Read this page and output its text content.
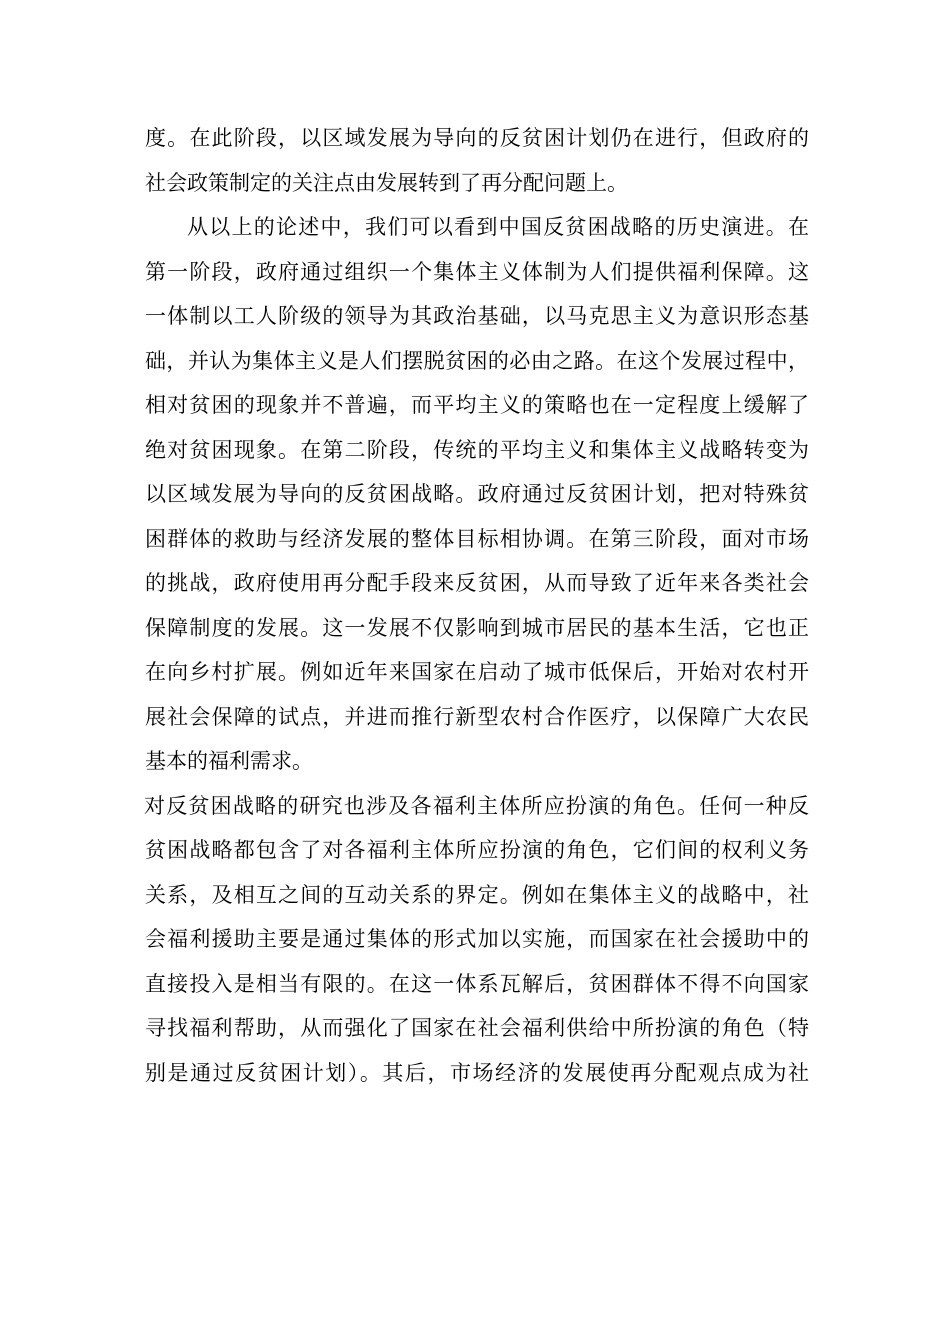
度。在此阶段，以区域发展为导向的反贫困计划仍在进行，但政府的
社会政策制定的关注点由发展转到了再分配问题上。
从以上的论述中，我们可以看到中国反贫困战略的历史演进。在
第一阶段，政府通过组织一个集体主义体制为人们提供福利保障。这
一体制以工人阶级的领导为其政治基础，以马克思主义为意识形态基
础，并认为集体主义是人们摆脱贫困的必由之路。在这个发展过程中，
相对贫困的现象并不普遍，而平均主义的策略也在一定程度上缓解了
绝对贫困现象。在第二阶段，传统的平均主义和集体主义战略转变为
以区域发展为导向的反贫困战略。政府通过反贫困计划，把对特殊贫
困群体的救助与经济发展的整体目标相协调。在第三阶段，面对市场
的挑战，政府使用再分配手段来反贫困，从而导致了近年来各类社会
保障制度的发展。这一发展不仅影响到城市居民的基本生活，它也正
在向乡村扩展。例如近年来国家在启动了城市低保后，开始对农村开
展社会保障的试点，并进而推行新型农村合作医疗，以保障广大农民
基本的福利需求。
对反贫困战略的研究也涉及各福利主体所应扮演的角色。任何一种反
贫困战略都包含了对各福利主体所应扮演的角色，它们间的权利义务
关系，及相互之间的互动关系的界定。例如在集体主义的战略中，社
会福利援助主要是通过集体的形式加以实施，而国家在社会援助中的
直接投入是相当有限的。在这一体系瓦解后，贫困群体不得不向国家
寻找福利帮助，从而强化了国家在社会福利供给中所扮演的角色（特
别是通过反贫困计划）。其后，市场经济的发展使再分配观点成为社
